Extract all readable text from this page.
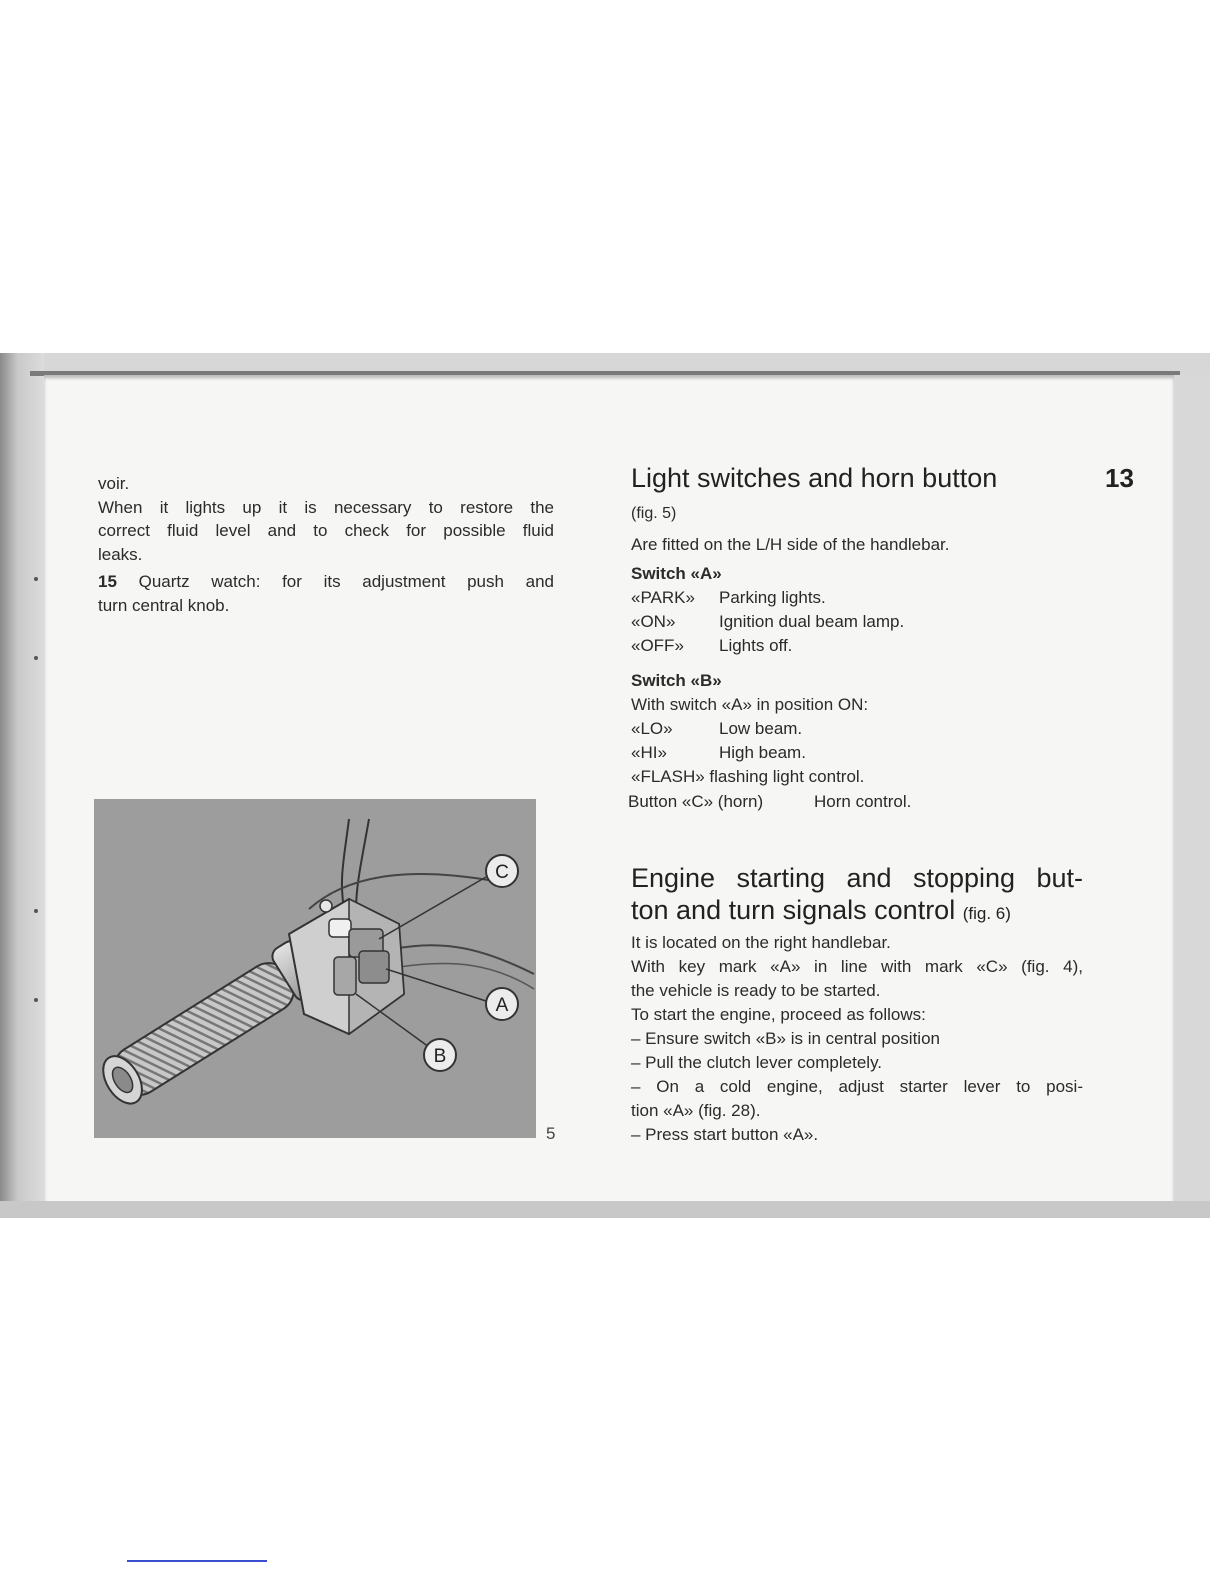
voir.

When it lights up it is necessary to restore the

correct fluid level and to check for possible fluid

leaks.

15 Quartz watch: for its adjustment push and

turn central knob.

C
A
B
5
Light switches and horn button	13

(fig. 5)

Are fitted on the L/H side of the handlebar.

Switch «A»

«PARK» Parking lights.
«ON»	Ignition dual beam lamp.
«OFF» Lights off.

Switch «B»

With switch «A» in position ON:

«LO»	Low beam.
«HI»	High beam.

«FLASH» flashing light control.

Button «C» (horn)	Horn control.
Engine starting and stopping but-
ton and turn signals control (fig. 6)

It is located on the right handlebar.

With key mark «A» in line with mark «C» (fig. 4),

the vehicle is ready to be started.

To start the engine, proceed as follows:

– Ensure switch «B» is in central position

– Pull the clutch lever completely.

– On a cold engine, adjust starter lever to posi-

tion «A» (fig. 28).

– Press start button «A».
